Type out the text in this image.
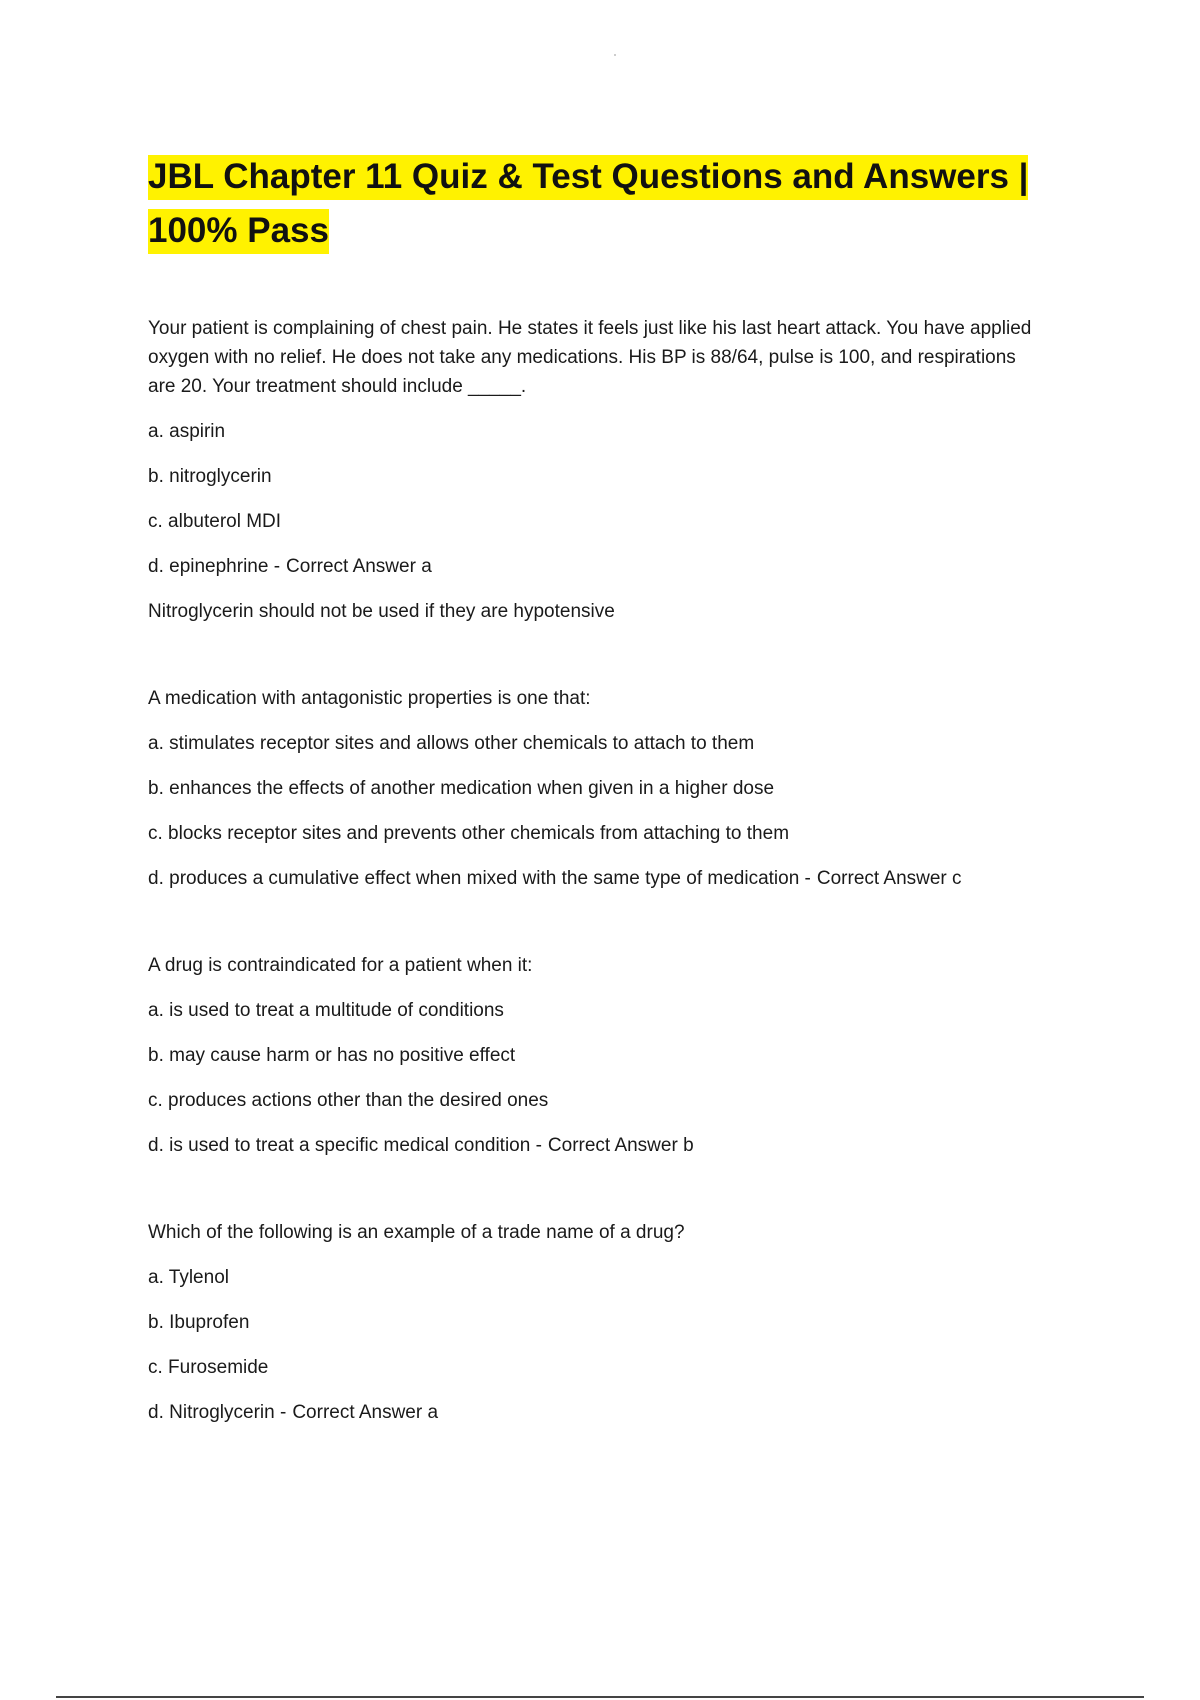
JBL Chapter 11 Quiz & Test Questions and Answers |
100% Pass

Your patient is complaining of chest pain. He states it feels just like his last heart attack. You have applied oxygen with no relief. He does not take any medications. His BP is 88/64, pulse is 100, and respirations are 20. Your treatment should include _____.

a. aspirin

b. nitroglycerin

c. albuterol MDI

d. epinephrine - Correct Answer a

Nitroglycerin should not be used if they are hypotensive

A medication with antagonistic properties is one that:

a. stimulates receptor sites and allows other chemicals to attach to them

b. enhances the effects of another medication when given in a higher dose

c. blocks receptor sites and prevents other chemicals from attaching to them

d. produces a cumulative effect when mixed with the same type of medication - Correct Answer c

A drug is contraindicated for a patient when it:

a. is used to treat a multitude of conditions

b. may cause harm or has no positive effect

c. produces actions other than the desired ones

d. is used to treat a specific medical condition - Correct Answer b

Which of the following is an example of a trade name of a drug?

a. Tylenol

b. Ibuprofen

c. Furosemide

d. Nitroglycerin - Correct Answer a
